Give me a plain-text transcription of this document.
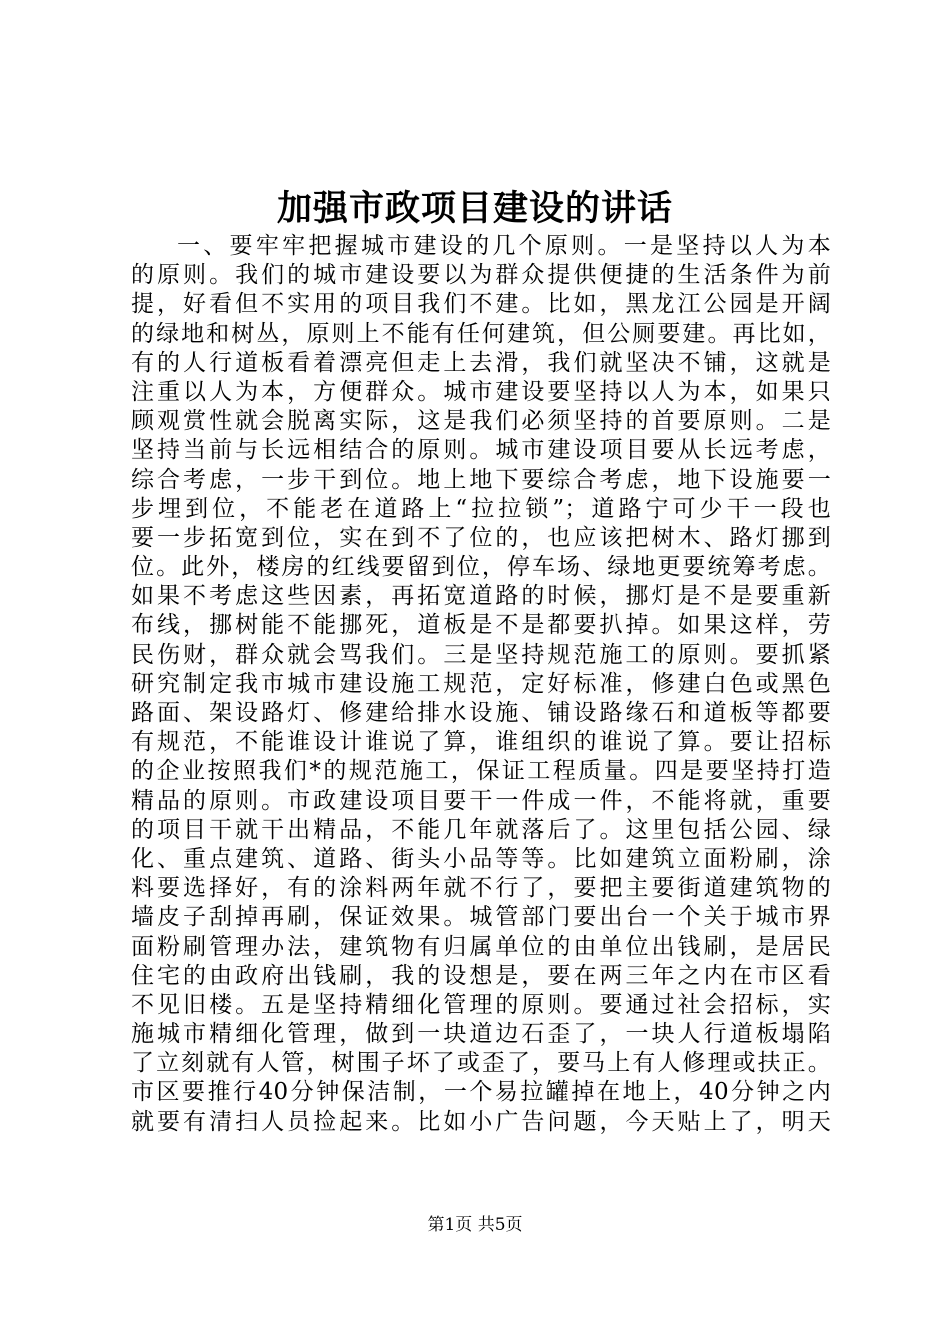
加强市政项目建设的讲话
一、要牢牢把握城市建设的几个原则。一是坚持以人为本
的原则。我们的城市建设要以为群众提供便捷的生活条件为前
提，好看但不实用的项目我们不建。比如，黑龙江公园是开阔
的绿地和树丛，原则上不能有任何建筑，但公厕要建。再比如，
有的人行道板看着漂亮但走上去滑，我们就坚决不铺，这就是
注重以人为本，方便群众。城市建设要坚持以人为本，如果只
顾观赏性就会脱离实际，这是我们必须坚持的首要原则。二是
坚持当前与长远相结合的原则。城市建设项目要从长远考虑，
综合考虑，一步干到位。地上地下要综合考虑，地下设施要一
步埋到位，不能老在道路上“拉拉锁”；道路宁可少干一段也
要一步拓宽到位，实在到不了位的，也应该把树木、路灯挪到
位。此外，楼房的红线要留到位，停车场、绿地更要统筹考虑。
如果不考虑这些因素，再拓宽道路的时候，挪灯是不是要重新
布线，挪树能不能挪死，道板是不是都要扒掉。如果这样，劳
民伤财，群众就会骂我们。三是坚持规范施工的原则。要抓紧
研究制定我市城市建设施工规范，定好标准，修建白色或黑色
路面、架设路灯、修建给排水设施、铺设路缘石和道板等都要
有规范，不能谁设计谁说了算，谁组织的谁说了算。要让招标
的企业按照我们*的规范施工，保证工程质量。四是要坚持打造
精品的原则。市政建设项目要干一件成一件，不能将就，重要
的项目干就干出精品，不能几年就落后了。这里包括公园、绿
化、重点建筑、道路、街头小品等等。比如建筑立面粉刷，涂
料要选择好，有的涂料两年就不行了，要把主要街道建筑物的
墙皮子刮掉再刷，保证效果。城管部门要出台一个关于城市界
面粉刷管理办法，建筑物有归属单位的由单位出钱刷，是居民
住宅的由政府出钱刷，我的设想是，要在两三年之内在市区看
不见旧楼。五是坚持精细化管理的原则。要通过社会招标，实
施城市精细化管理，做到一块道边石歪了，一块人行道板塌陷
了立刻就有人管，树围子坏了或歪了，要马上有人修理或扶正。
市区要推行40分钟保洁制，一个易拉罐掉在地上，40分钟之内
就要有清扫人员捡起来。比如小广告问题，今天贴上了，明天
第1页 共5页
